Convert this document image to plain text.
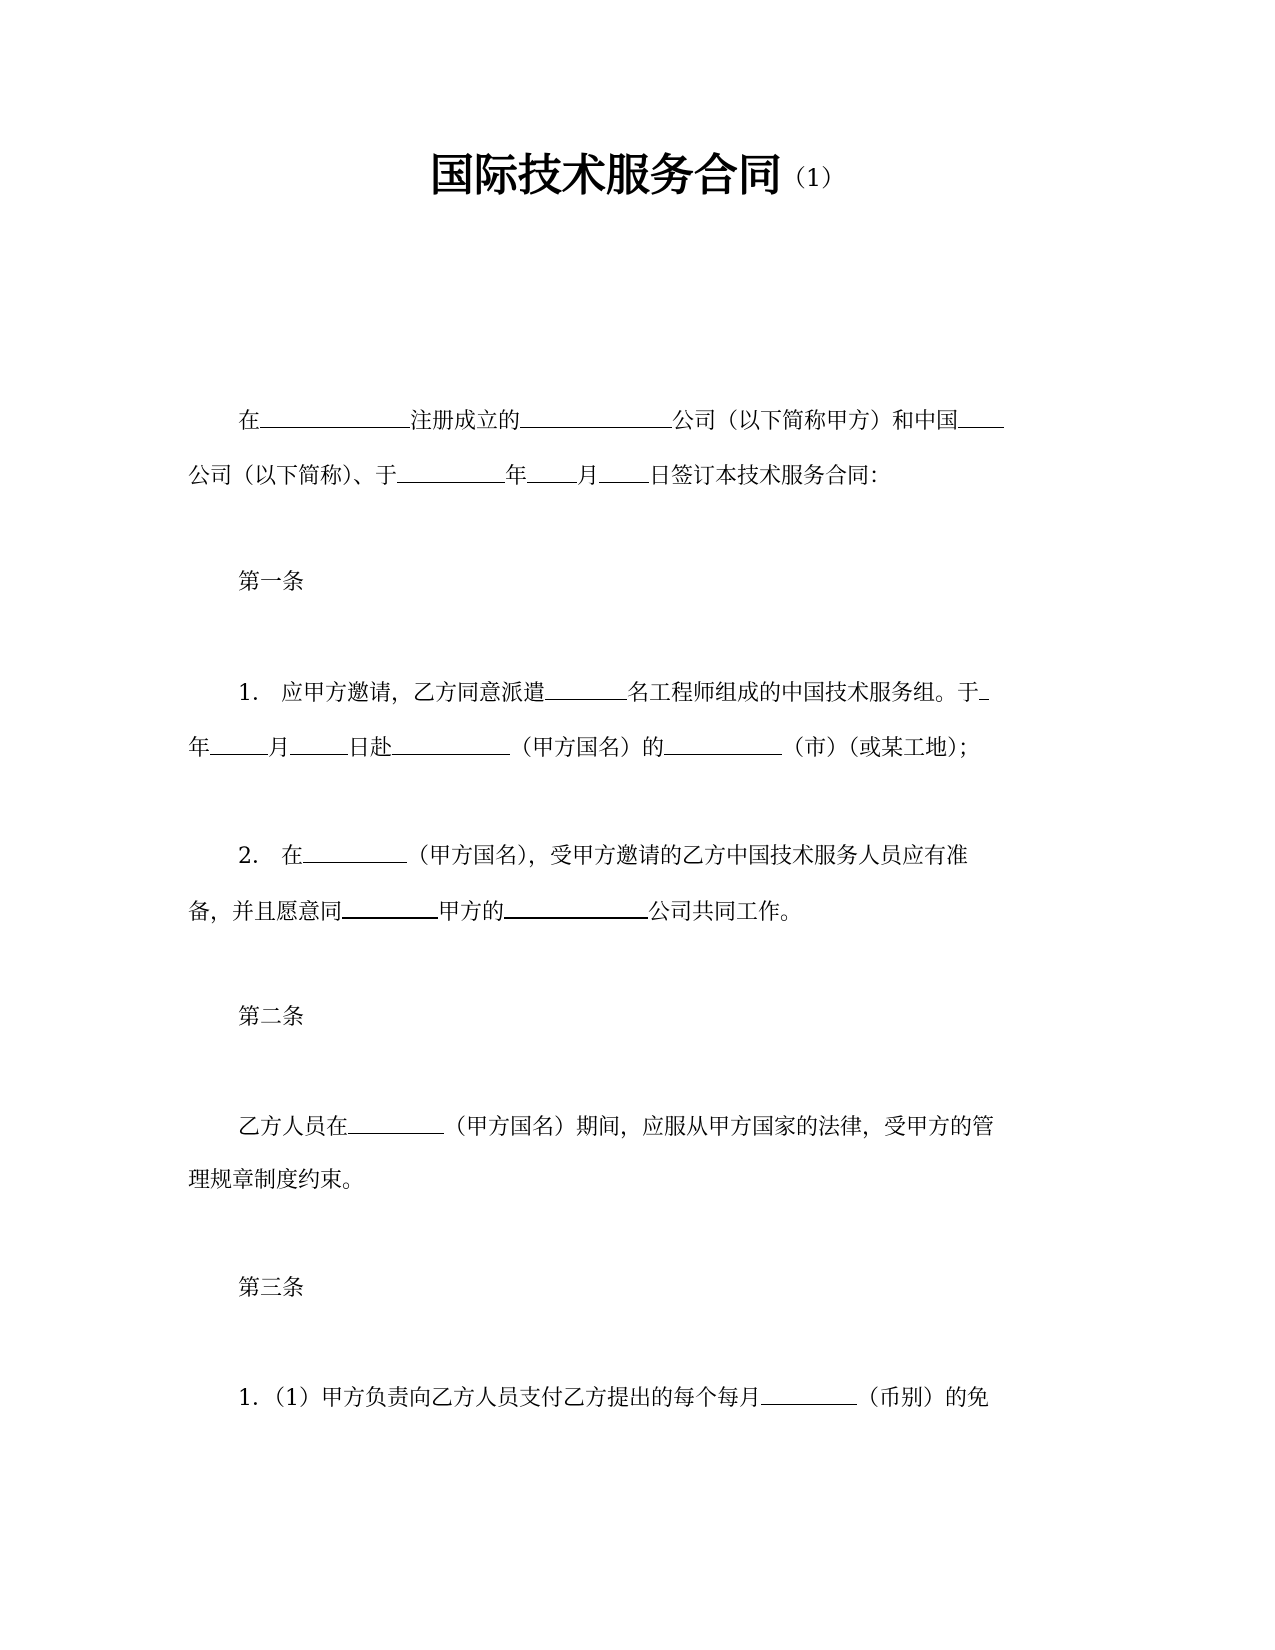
国际技术服务合同（1）
在	注册成立的	公司（以下简称甲方）和中国
公司（以下简称）、于	年 月 日签订本技术服务合同：
第一条
1． 应甲方邀请，乙方同意派遣	名工程师组成的中国技术服务组。于
年	月	日赴	（甲方国名）的	（市）（或某工地）；
2． 在	（甲方国名），受甲方邀请的乙方中国技术服务人员应有准
备，并且愿意同	甲方的	公司共同工作。
第二条
乙方人员在	（甲方国名）期间，应服从甲方国家的法律，受甲方的管
理规章制度约束。
第三条
1．（1）甲方负责向乙方人员支付乙方提出的每个每月	（币别）的免
